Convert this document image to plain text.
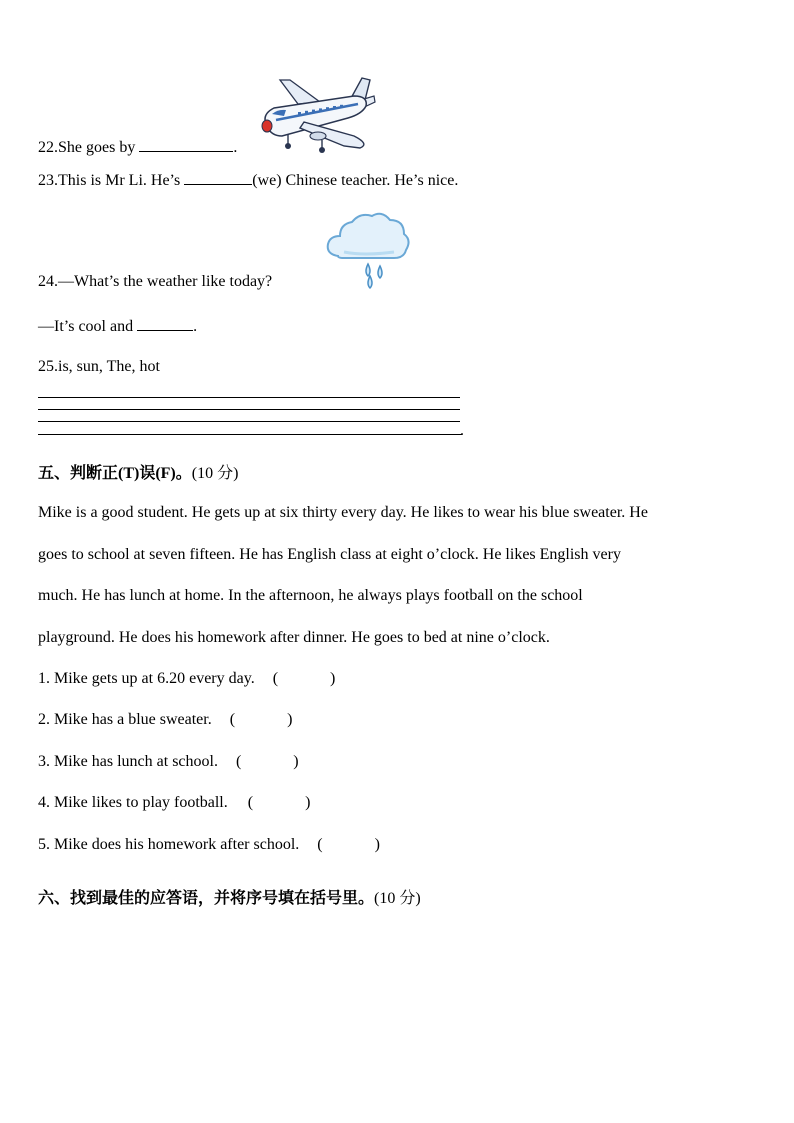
22.She goes by	.
23.This is Mr Li. He’s	(we) Chinese teacher. He’s nice.
24.—What’s the weather like today?
—It’s cool and	.
25.is, sun, The, hot
.
五、判断正(T)误(F)。(10 分)
Mike is a good student. He gets up at six thirty every day. He likes to wear his blue sweater. He
goes to school at seven fifteen. He has English class at eight o’clock. He likes English very
much. He has lunch at home. In the afternoon, he always plays football on the school
playground. He does his homework after dinner. He goes to bed at nine o’clock.
1. Mike gets up at 6.20 every day. (	)
2. Mike has a blue sweater. (	)
3. Mike has lunch at school. (	)
4. Mike likes to play football. (	)
5. Mike does his homework after school. (	)
六、找到最佳的应答语，并将序号填在括号里。(10 分)
